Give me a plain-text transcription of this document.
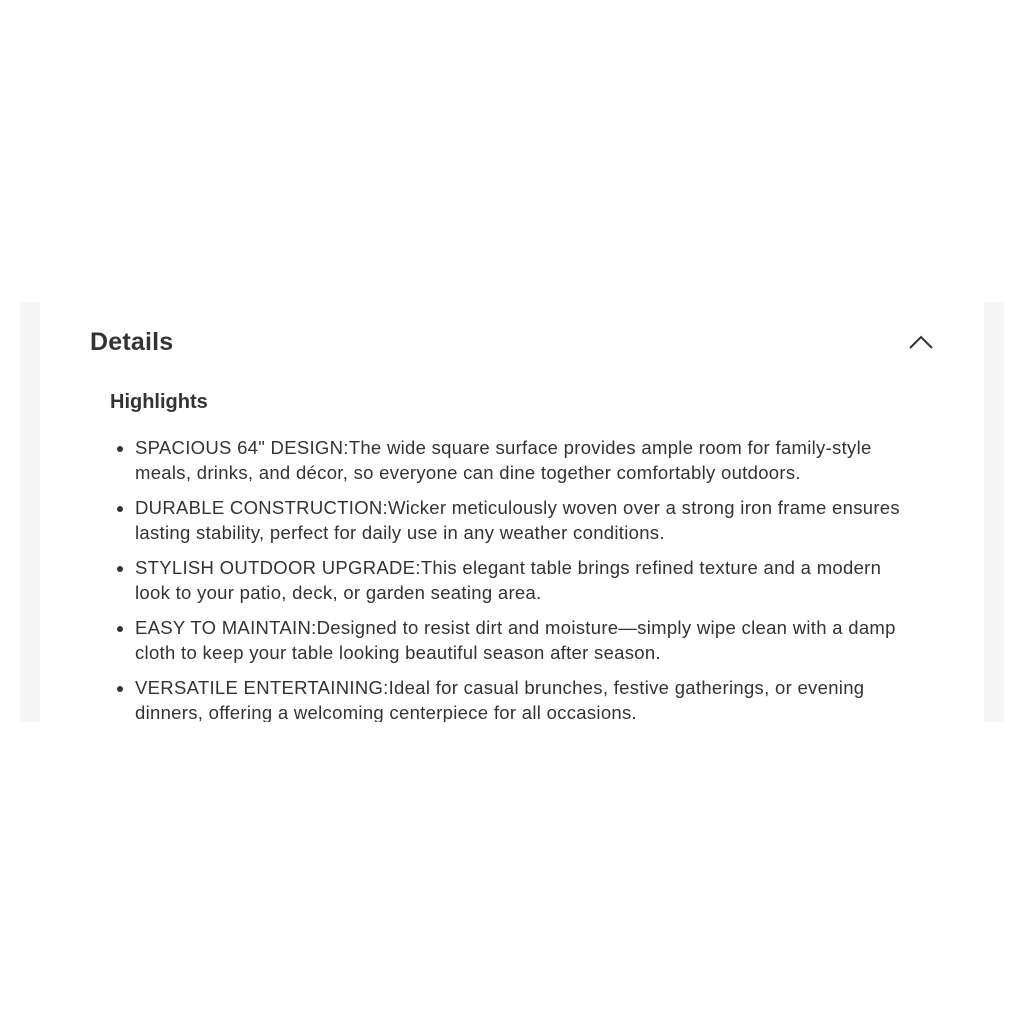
Details
Highlights
• SPACIOUS 64" DESIGN:The wide square surface provides ample room for family-style meals, drinks, and décor, so everyone can dine together comfortably outdoors.
• DURABLE CONSTRUCTION:Wicker meticulously woven over a strong iron frame ensures lasting stability, perfect for daily use in any weather conditions.
• STYLISH OUTDOOR UPGRADE:This elegant table brings refined texture and a modern look to your patio, deck, or garden seating area.
• EASY TO MAINTAIN:Designed to resist dirt and moisture—simply wipe clean with a damp cloth to keep your table looking beautiful season after season.
• VERSATILE ENTERTAINING:Ideal for casual brunches, festive gatherings, or evening dinners, offering a welcoming centerpiece for all occasions.
